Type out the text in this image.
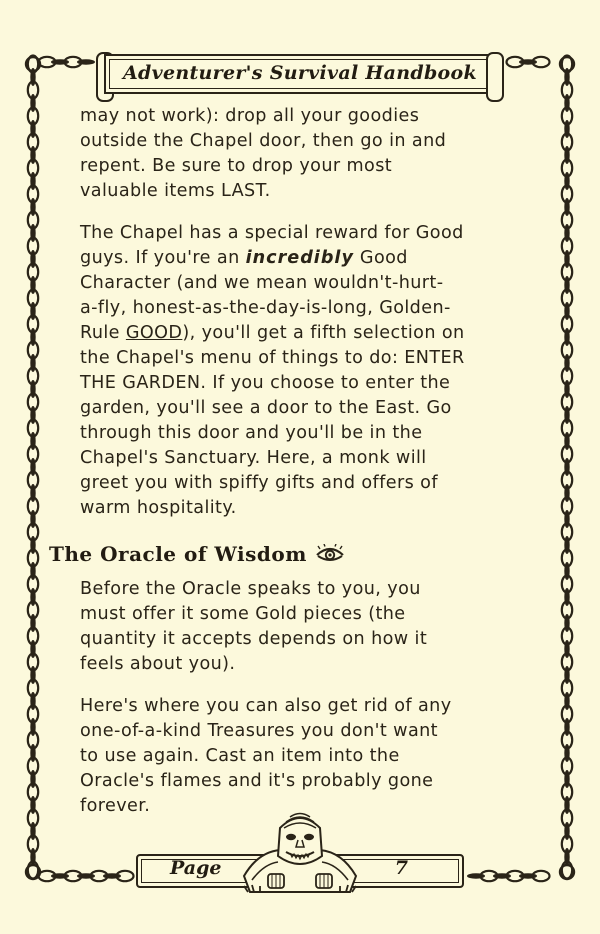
Adventurer's Survival Handbook

may not work): drop all your goodies
outside the Chapel door, then go in and
repent. Be sure to drop your most
valuable items LAST.

The Chapel has a special reward for Good
guys. If you're an incredibly Good
Character (and we mean wouldn't-hurt-
a-fly, honest-as-the-day-is-long, Golden-
Rule GOOD), you'll get a fifth selection on
the Chapel's menu of things to do: ENTER
THE GARDEN. If you choose to enter the
garden, you'll see a door to the East. Go
through this door and you'll be in the
Chapel's Sanctuary. Here, a monk will
greet you with spiffy gifts and offers of
warm hospitality.

The Oracle of Wisdom

Before the Oracle speaks to you, you
must offer it some Gold pieces (the
quantity it accepts depends on how it
feels about you).

Here's where you can also get rid of any
one-of-a-kind Treasures you don't want
to use again. Cast an item into the
Oracle's flames and it's probably gone
forever.

Page	7
